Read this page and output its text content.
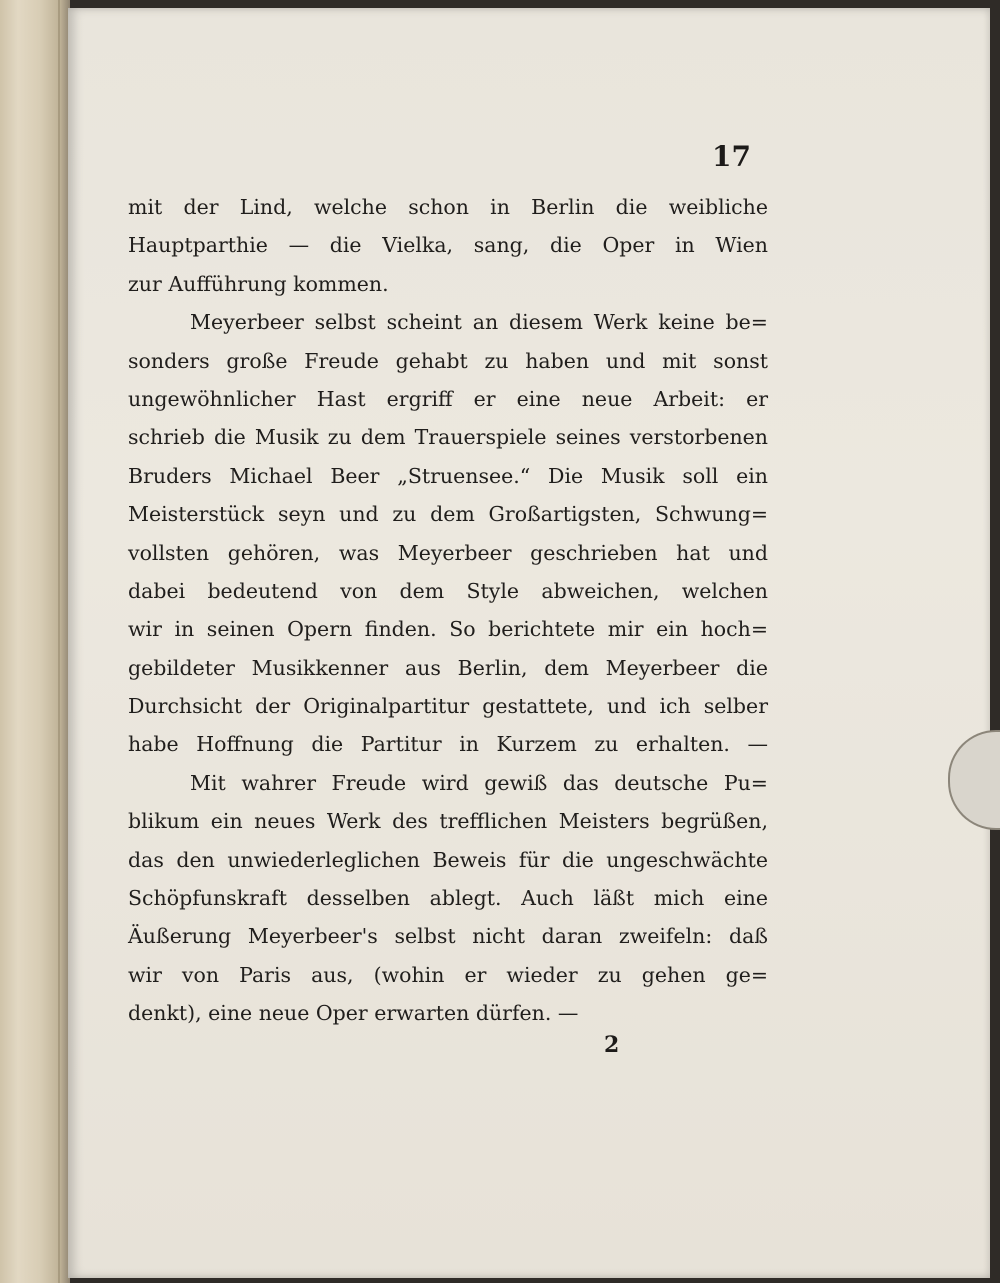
17

mit der Lind, welche schon in Berlin die weibliche
Hauptparthie — die Vielka, sang, die Oper in Wien
zur Aufführung kommen.
Meyerbeer selbst scheint an diesem Werk keine be=
sonders große Freude gehabt zu haben und mit sonst
ungewöhnlicher Hast ergriff er eine neue Arbeit: er
schrieb die Musik zu dem Trauerspiele seines verstorbenen
Bruders Michael Beer „Struensee.“ Die Musik soll ein
Meisterstück seyn und zu dem Großartigsten, Schwung=
vollsten gehören, was Meyerbeer geschrieben hat und
dabei bedeutend von dem Style abweichen, welchen
wir in seinen Opern finden. So berichtete mir ein hoch=
gebildeter Musikkenner aus Berlin, dem Meyerbeer die
Durchsicht der Originalpartitur gestattete, und ich selber
habe Hoffnung die Partitur in Kurzem zu erhalten. —
Mit wahrer Freude wird gewiß das deutsche Pu=
blikum ein neues Werk des trefflichen Meisters begrüßen,
das den unwiederleglichen Beweis für die ungeschwächte
Schöpfunskraft desselben ablegt. Auch läßt mich eine
Äußerung Meyerbeer's selbst nicht daran zweifeln: daß
wir von Paris aus, (wohin er wieder zu gehen ge=
denkt), eine neue Oper erwarten dürfen. —

2
